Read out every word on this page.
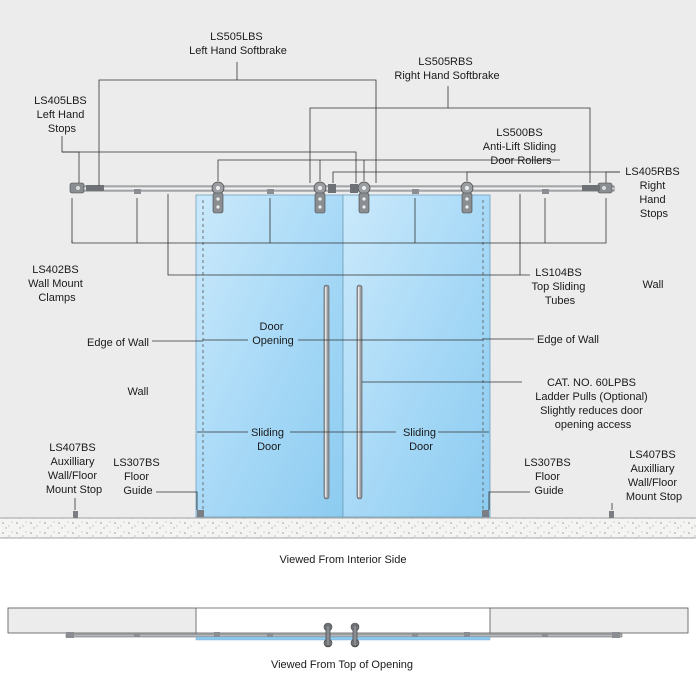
LS505LBS Left Hand Softbrake
LS505RBS Right Hand Softbrake
LS405LBS Left Hand Stops	LS500BS Anti-Lift Sliding Door Rollers
LS405RBS Right Hand Stops
LS402BS Wall Mount Clamps
LS104BS Top Sliding Tubes
Wall
Wall
Edge of Wall
Door Opening	Edge of Wall
CAT. NO. 60LPBS Ladder Pulls (Optional) Slightly reduces door opening access
Sliding Door
Sliding Door
LS407BS Auxilliary Wall/Floor Mount Stop
LS307BS Floor Guide
LS307BS Floor Guide
LS407BS Auxilliary Wall/Floor Mount Stop
Viewed From Interior Side
Viewed From Top of Opening
